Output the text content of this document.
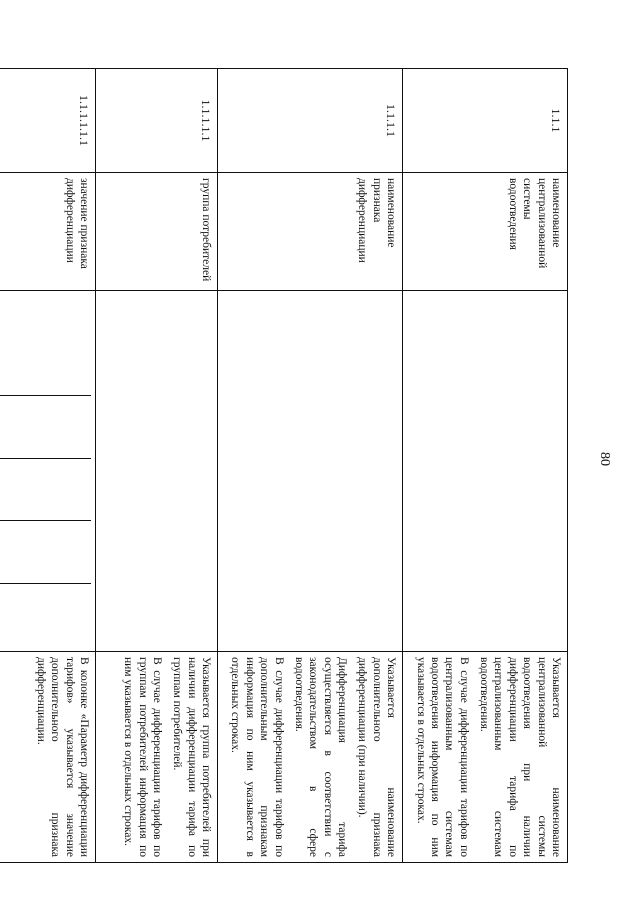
80
1.1.1	наименование централизованной системы водоотведения		Указывается наименование централизованной системы водоотведения при наличии дифференциации тарифа по централизованным системам водоотведения.

В случае дифференциации тарифов по централизованным системам водоотведения информация по ним указывается в отдельных строках.

1.1.1.1	наименование признака дифференциации		Указывается наименование дополнительного признака дифференциации (при наличии).

Дифференциация тарифа осуществляется в соответствии с законодательством в сфере водоотведения.

В случае дифференциации тарифов по дополнительным признакам информация по ним указывается в отдельных строках.

1.1.1.1.1	группа потребителей		Указывается группа потребителей при наличии дифференциации тарифа по группам потребителей.

В случае дифференциации тарифов по группам потребителей информация по ним указывается в отдельных строках.

1.1.1.1.1.1	значение признака дифференциации		В колонке «Параметр дифференциации тарифов» указывается значение дополнительного признака дифференциации.
